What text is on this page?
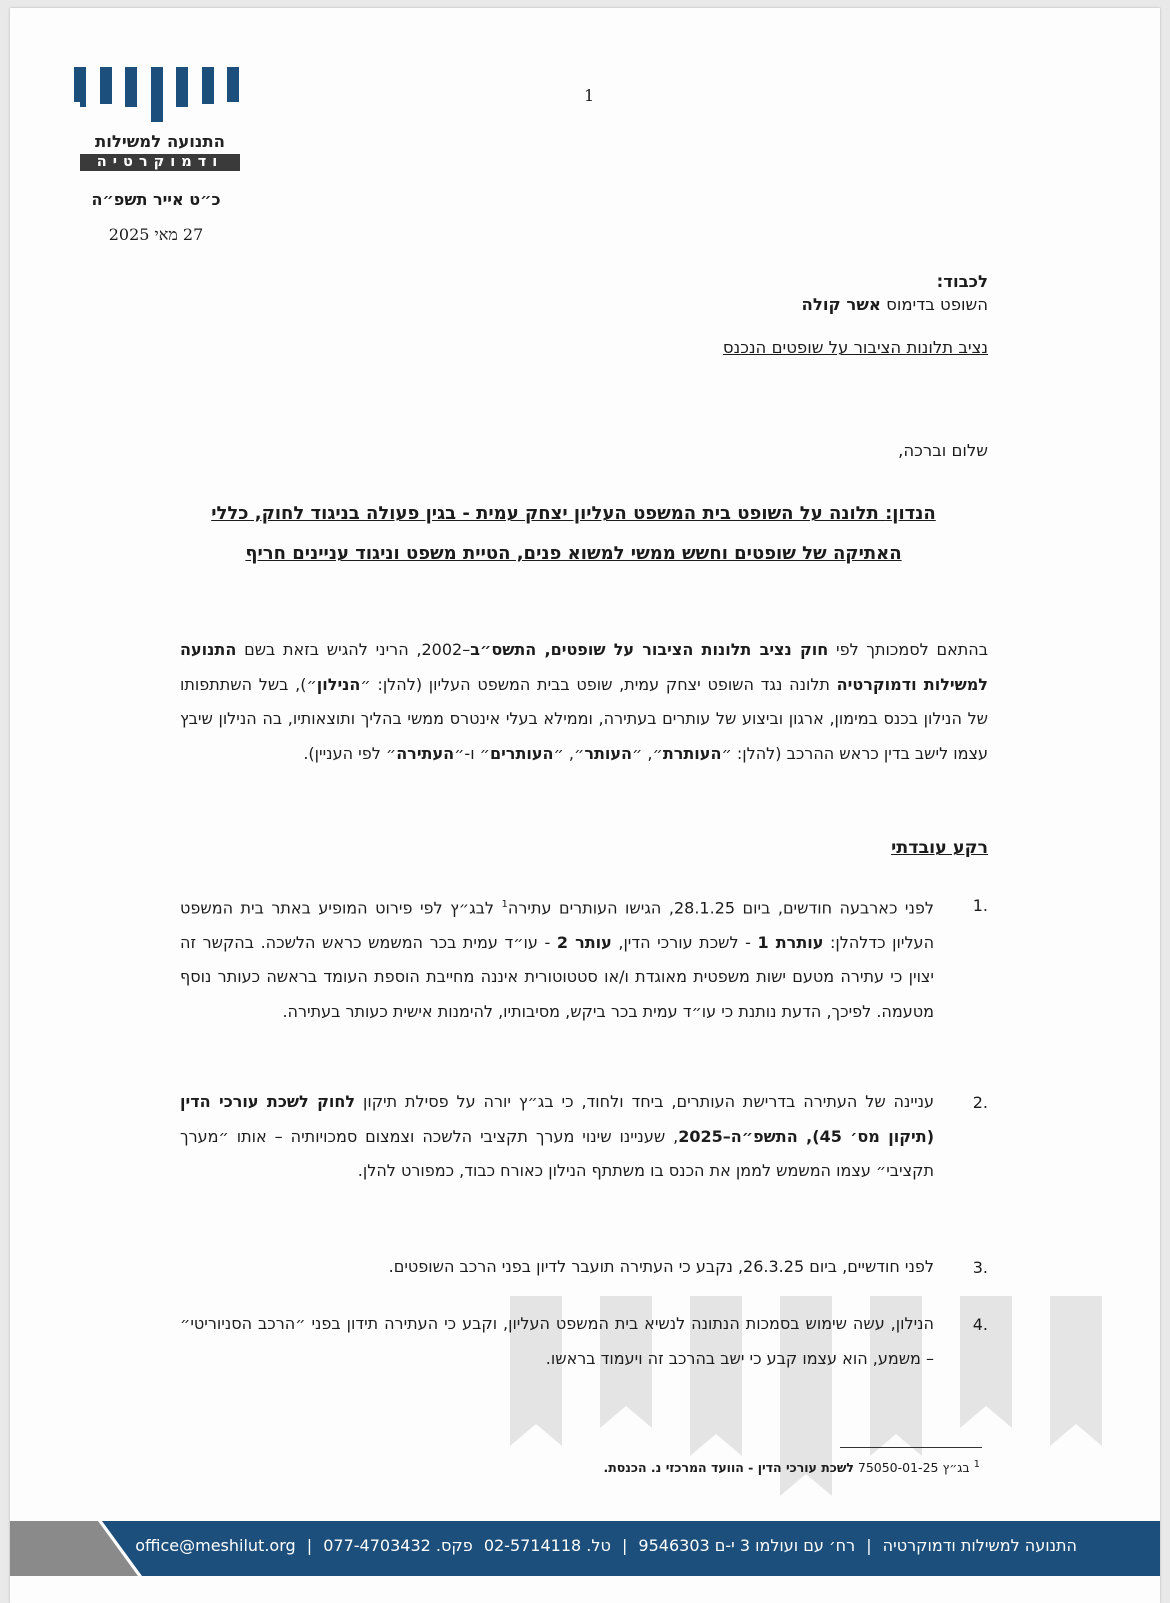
התנועה למשילות
ודמוקרטיה
כ״ט אייר תשפ״ה
27 מאי 2025
1
לכבוד:
השופט בדימוס אשר קולה
נציב תלונות הציבור על שופטים הנכנס
שלום וברכה,
הנדון: תלונה על השופט בית המשפט העליון יצחק עמית - בגין פעולה בניגוד לחוק, כללי האתיקה של שופטים וחשש ממשי למשוא פנים, הטיית משפט וניגוד עניינים חריף
בהתאם לסמכותך לפי חוק נציב תלונות הציבור על שופטים, התשס״ב–2002, הריני להגיש בזאת בשם התנועה למשילות ודמוקרטיה תלונה נגד השופט יצחק עמית, שופט בבית המשפט העליון (להלן: ״הנילון״), בשל השתתפותו של הנילון בכנס במימון, ארגון וביצוע של עותרים בעתירה, וממילא בעלי אינטרס ממשי בהליך ותוצאותיו, בה הנילון שיבץ עצמו לישב בדין כראש ההרכב (להלן: ״העותרת״, ״העותר״, ״העותרים״ ו-״העתירה״ לפי העניין).
רקע עובדתי
1.
לפני כארבעה חודשים, ביום 28.1.25, הגישו העותרים עתירה$^1$ לבג״ץ לפי פירוט המופיע באתר בית המשפט העליון כדלהלן: עותרת 1 - לשכת עורכי הדין, עותר 2 - עו״ד עמית בכר המשמש כראש הלשכה. בהקשר זה יצוין כי עתירה מטעם ישות משפטית מאוגדת ו/או סטטוטורית איננה מחייבת הוספת העומד בראשה כעותר נוסף מטעמה. לפיכך, הדעת נותנת כי עו״ד עמית בכר ביקש, מסיבותיו, להימנות אישית כעותר בעתירה.
2.
עניינה של העתירה בדרישת העותרים, ביחד ולחוד, כי בג״ץ יורה על פסילת תיקון לחוק לשכת עורכי הדין (תיקון מס׳ 45), התשפ״ה–2025, שעניינו שינוי מערך תקציבי הלשכה וצמצום סמכויותיה – אותו ״מערך תקציבי״ עצמו המשמש לממן את הכנס בו משתתף הנילון כאורח כבוד, כמפורט להלן.
3.
לפני חודשיים, ביום 26.3.25, נקבע כי העתירה תועבר לדיון בפני הרכב השופטים.
4.
הנילון, עשה שימוש בסמכות הנתונה לנשיא בית המשפט העליון, וקבע כי העתירה תידון בפני ״הרכב הסניוריטי״ – משמע, הוא עצמו קבע כי ישב בהרכב זה ויעמוד בראשו.
$^1$ בג״ץ 75050-01-25 לשכת עורכי הדין - הוועד המרכזי נ. הכנסת.
התנועה למשילות ודמוקרטיה | רח׳ עם ועולמו 3 י-ם 9546303 | טל. 02-5714118 פקס. 077-4703432 | office@meshilut.org
